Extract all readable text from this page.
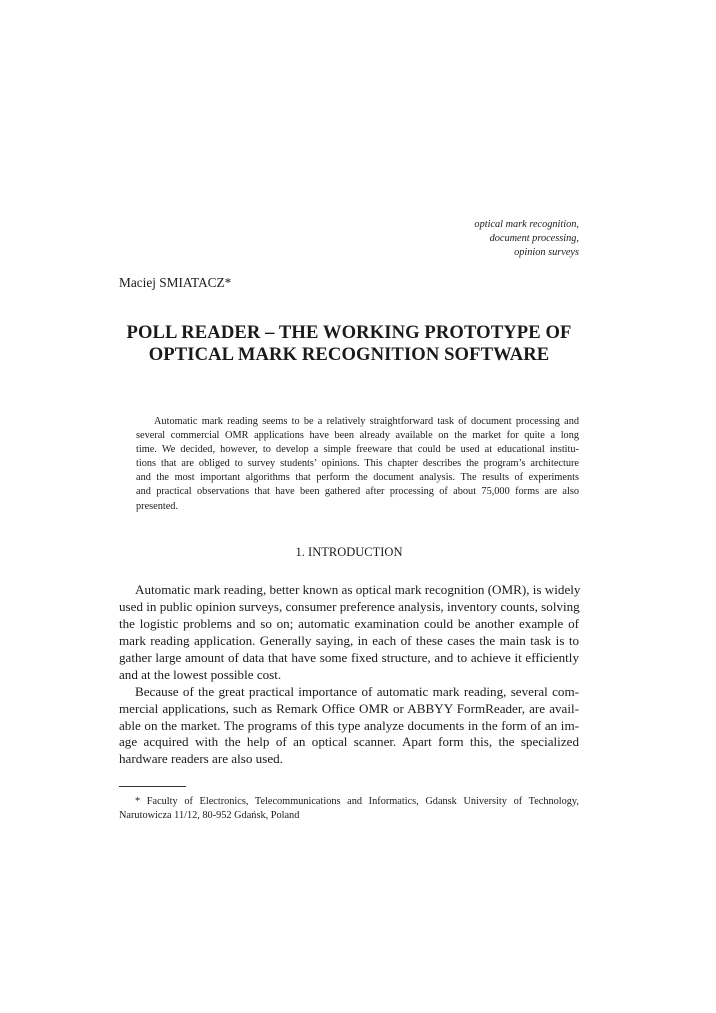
optical mark recognition,
document processing,
opinion surveys
Maciej SMIATACZ*
POLL READER – THE WORKING PROTOTYPE OF
OPTICAL MARK RECOGNITION SOFTWARE
Automatic mark reading seems to be a relatively straightforward task of document processing and
several commercial OMR applications have been already available on the market for quite a long
time. We decided, however, to develop a simple freeware that could be used at educational institu-
tions that are obliged to survey students’ opinions. This chapter describes the program’s architecture
and the most important algorithms that perform the document analysis. The results of experiments
and practical observations that have been gathered after processing of about 75,000 forms are also
presented.
1. INTRODUCTION
Automatic mark reading, better known as optical mark recognition (OMR), is widely
used in public opinion surveys, consumer preference analysis, inventory counts, solving
the logistic problems and so on; automatic examination could be another example of
mark reading application. Generally saying, in each of these cases the main task is to
gather large amount of data that have some fixed structure, and to achieve it efficiently
and at the lowest possible cost.
Because of the great practical importance of automatic mark reading, several com-
mercial applications, such as Remark Office OMR or ABBYY FormReader, are avail-
able on the market. The programs of this type analyze documents in the form of an im-
age acquired with the help of an optical scanner. Apart form this, the specialized
hardware readers are also used.
* Faculty of Electronics, Telecommunications and Informatics, Gdansk University of Technology,
Narutowicza 11/12, 80-952 Gdańsk, Poland
